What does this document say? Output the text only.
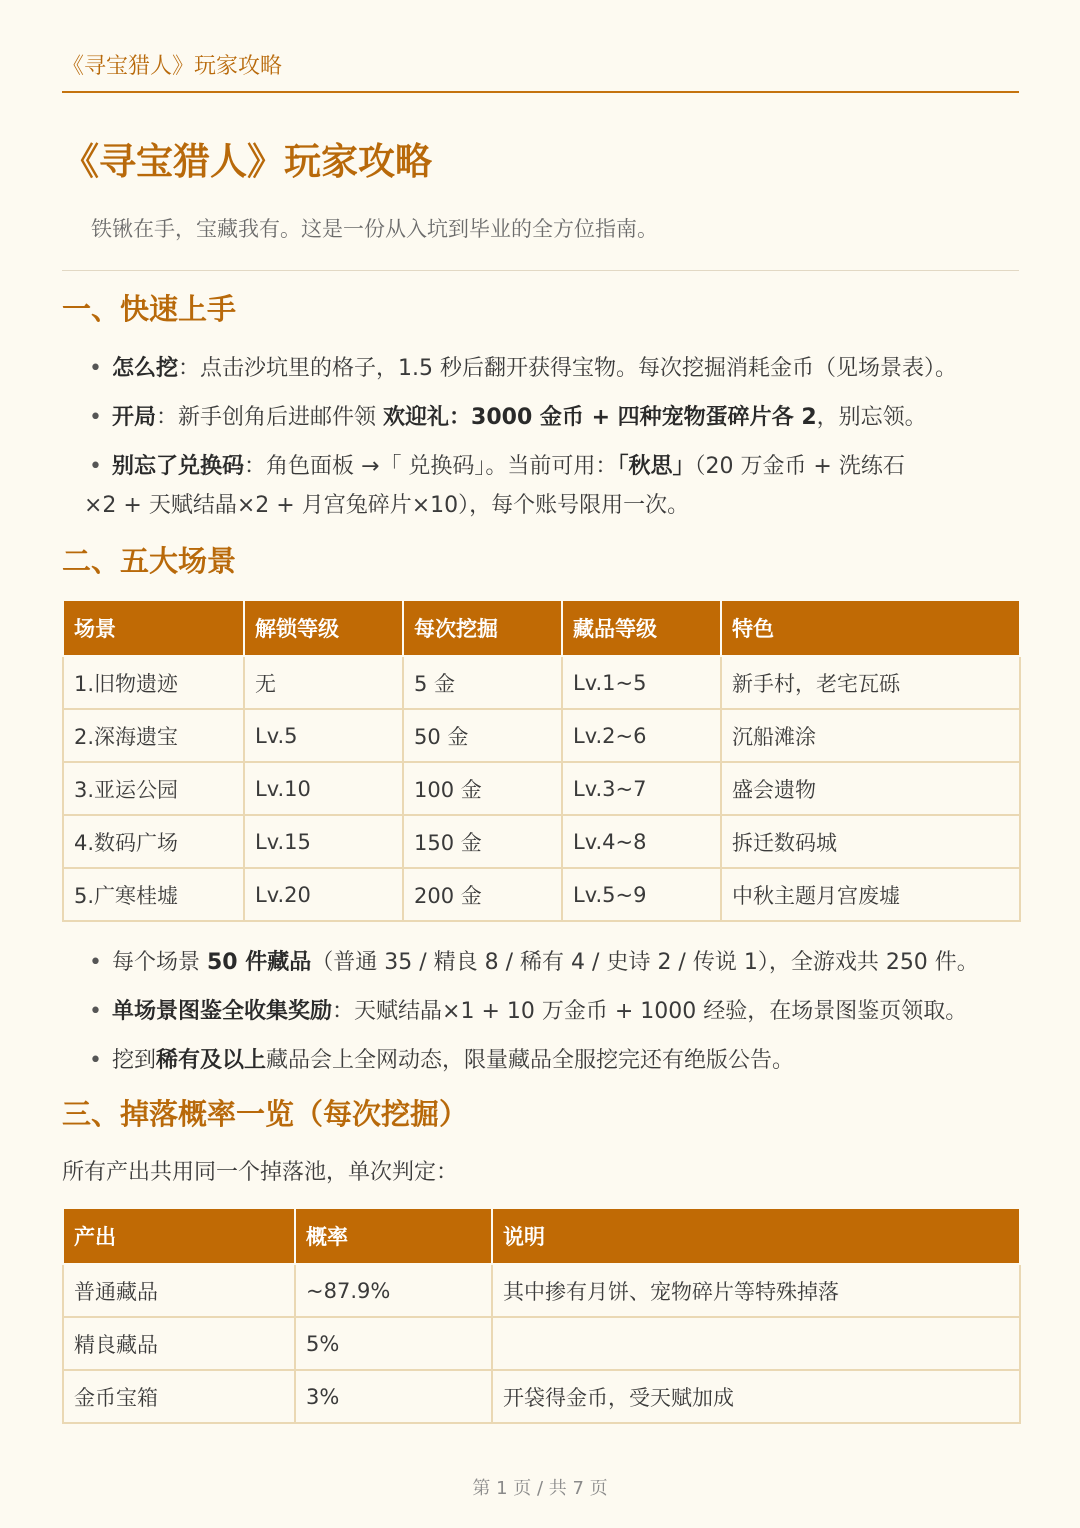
《寻宝猎人》玩家攻略
《寻宝猎人》玩家攻略
铁锹在手，宝藏我有。这是一份从入坑到毕业的全方位指南。
一、快速上手
• 怎么挖：点击沙坑里的格子，1.5 秒后翻开获得宝物。每次挖掘消耗金币（见场景表）。
• 开局：新手创角后进邮件领 欢迎礼：3000 金币 + 四种宠物蛋碎片各 2，别忘领。
• 别忘了兑换码：角色面板 →「 兑换码」。当前可用：「秋思」（20 万金币 + 洗练石
×2 + 天赋结晶×2 + 月宫兔碎片×10），每个账号限用一次。
二、五大场景
场景	解锁等级	每次挖掘	藏品等级	特色
1.旧物遗迹	无	5 金	Lv.1~5	新手村，老宅瓦砾
2.深海遗宝	Lv.5	50 金	Lv.2~6	沉船滩涂
3.亚运公园	Lv.10	100 金	Lv.3~7	盛会遗物
4.数码广场	Lv.15	150 金	Lv.4~8	拆迁数码城
5.广寒桂墟	Lv.20	200 金	Lv.5~9	中秋主题月宫废墟
• 每个场景 50 件藏品（普通 35 / 精良 8 / 稀有 4 / 史诗 2 / 传说 1），全游戏共 250 件。
• 单场景图鉴全收集奖励：天赋结晶×1 + 10 万金币 + 1000 经验，在场景图鉴页领取。
• 挖到稀有及以上藏品会上全网动态，限量藏品全服挖完还有绝版公告。
三、掉落概率一览（每次挖掘）
所有产出共用同一个掉落池，单次判定：
产出	概率	说明
普通藏品	~87.9%	其中掺有月饼、宠物碎片等特殊掉落
精良藏品	5%	
金币宝箱	3%	开袋得金币，受天赋加成
第 1 页 / 共 7 页
